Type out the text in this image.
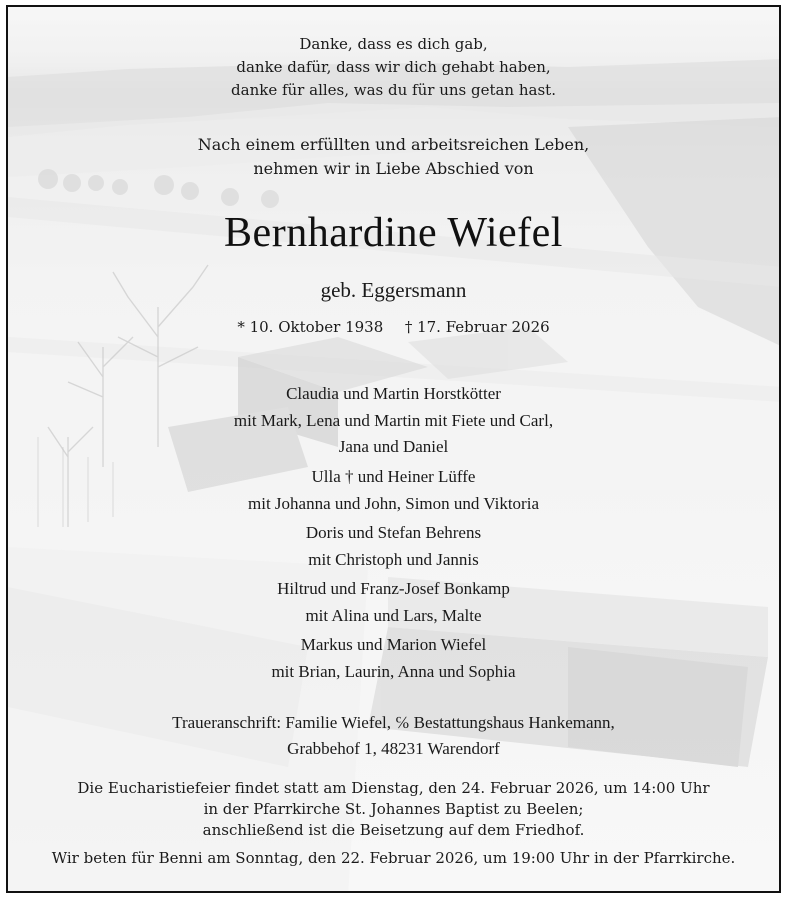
Danke, dass es dich gab,
danke dafür, dass wir dich gehabt haben,
danke für alles, was du für uns getan hast.
Nach einem erfüllten und arbeitsreichen Leben,
nehmen wir in Liebe Abschied von
Bernhardine Wiefel
geb. Eggersmann
* 10. Oktober 1938 † 17. Februar 2026
Claudia und Martin Horstkötter
mit Mark, Lena und Martin mit Fiete und Carl,
Jana und Daniel
Ulla † und Heiner Lüffe
mit Johanna und John, Simon und Viktoria
Doris und Stefan Behrens
mit Christoph und Jannis
Hiltrud und Franz-Josef Bonkamp
mit Alina und Lars, Malte
Markus und Marion Wiefel
mit Brian, Laurin, Anna und Sophia
Traueranschrift: Familie Wiefel, ℅ Bestattungshaus Hankemann,
Grabbehof 1, 48231 Warendorf
Die Eucharistiefeier findet statt am Dienstag, den 24. Februar 2026, um 14:00 Uhr
in der Pfarrkirche St. Johannes Baptist zu Beelen;
anschließend ist die Beisetzung auf dem Friedhof.
Wir beten für Benni am Sonntag, den 22. Februar 2026, um 19:00 Uhr in der Pfarrkirche.
